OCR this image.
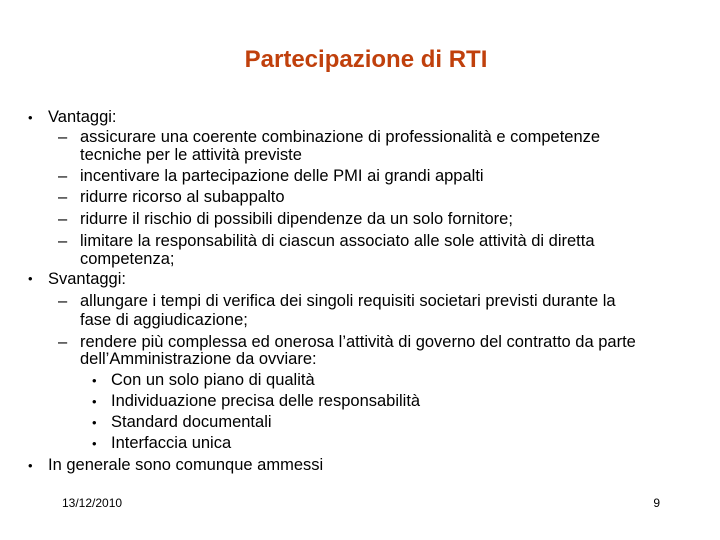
Partecipazione di RTI
• Vantaggi:
– assicurare una coerente combinazione di professionalità e competenze
tecniche per le attività previste
– incentivare la partecipazione delle PMI ai grandi appalti
– ridurre ricorso al subappalto
– ridurre il rischio di possibili dipendenze da un solo fornitore;
– limitare la responsabilità di ciascun associato alle sole attività di diretta
competenza;
• Svantaggi:
– allungare i tempi di verifica dei singoli requisiti societari previsti durante la
fase di aggiudicazione;
– rendere più complessa ed onerosa l’attività di governo del contratto da parte
dell’Amministrazione da ovviare:
• Con un solo piano di qualità
• Individuazione precisa delle responsabilità
• Standard documentali
• Interfaccia unica
• In generale sono comunque ammessi
13/12/2010	9
